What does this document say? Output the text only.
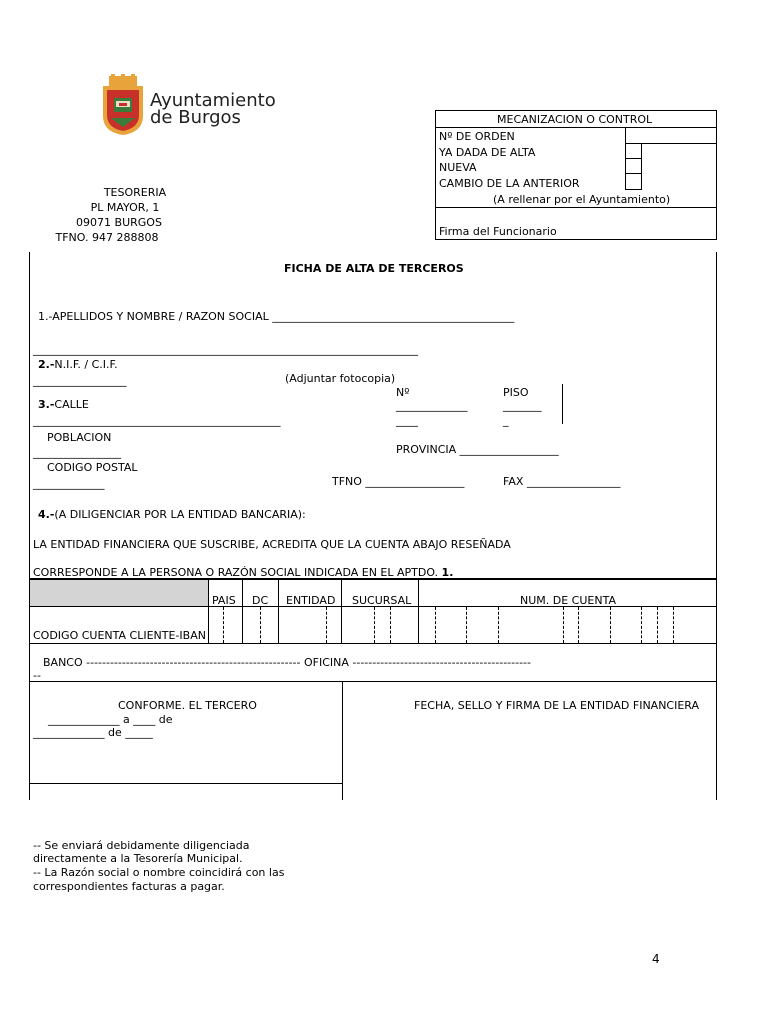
Ayuntamiento
de Burgos
TESORERIA
PL MAYOR, 1
09071 BURGOS
TFNO. 947 288808
MECANIZACION O CONTROL
Nº DE ORDEN
YA DADA DE ALTA
NUEVA
CAMBIO DE LA ANTERIOR
(A rellenar por el Ayuntamiento)
Firma del Funcionario
FICHA DE ALTA DE TERCEROS
1.-APELLIDOS Y NOMBRE / RAZON SOCIAL ____________________________________________
______________________________________________________________________
2.-N.I.F. / C.I.F.
_________________	(Adjuntar fotocopia)
Nº	PISO
3.-CALLE	_____________	_______
_____________________________________________	____	_
POBLACION
________________	PROVINCIA __________________
CODIGO POSTAL
_____________	TFNO __________________	FAX _________________
4.-(A DILIGENCIAR POR LA ENTIDAD BANCARIA):
LA ENTIDAD FINANCIERA QUE SUSCRIBE, ACREDITA QUE LA CUENTA ABAJO RESEÑADA
CORRESPONDE A LA PERSONA O RAZÓN SOCIAL INDICADA EN EL APTDO. 1.
PAIS DC ENTIDAD SUCURSAL	NUM. DE CUENTA
CODIGO CUENTA CLIENTE-IBAN
BANCO ------------------------------------------------------ OFICINA ---------------------------------------------
--
CONFORME. EL TERCERO
_____________ a ____ de
_____________ de _____
FECHA, SELLO Y FIRMA DE LA ENTIDAD FINANCIERA
-- Se enviará debidamente diligenciada
directamente a la Tesorería Municipal.
-- La Razón social o nombre coincidirá con las
correspondientes facturas a pagar.
4
